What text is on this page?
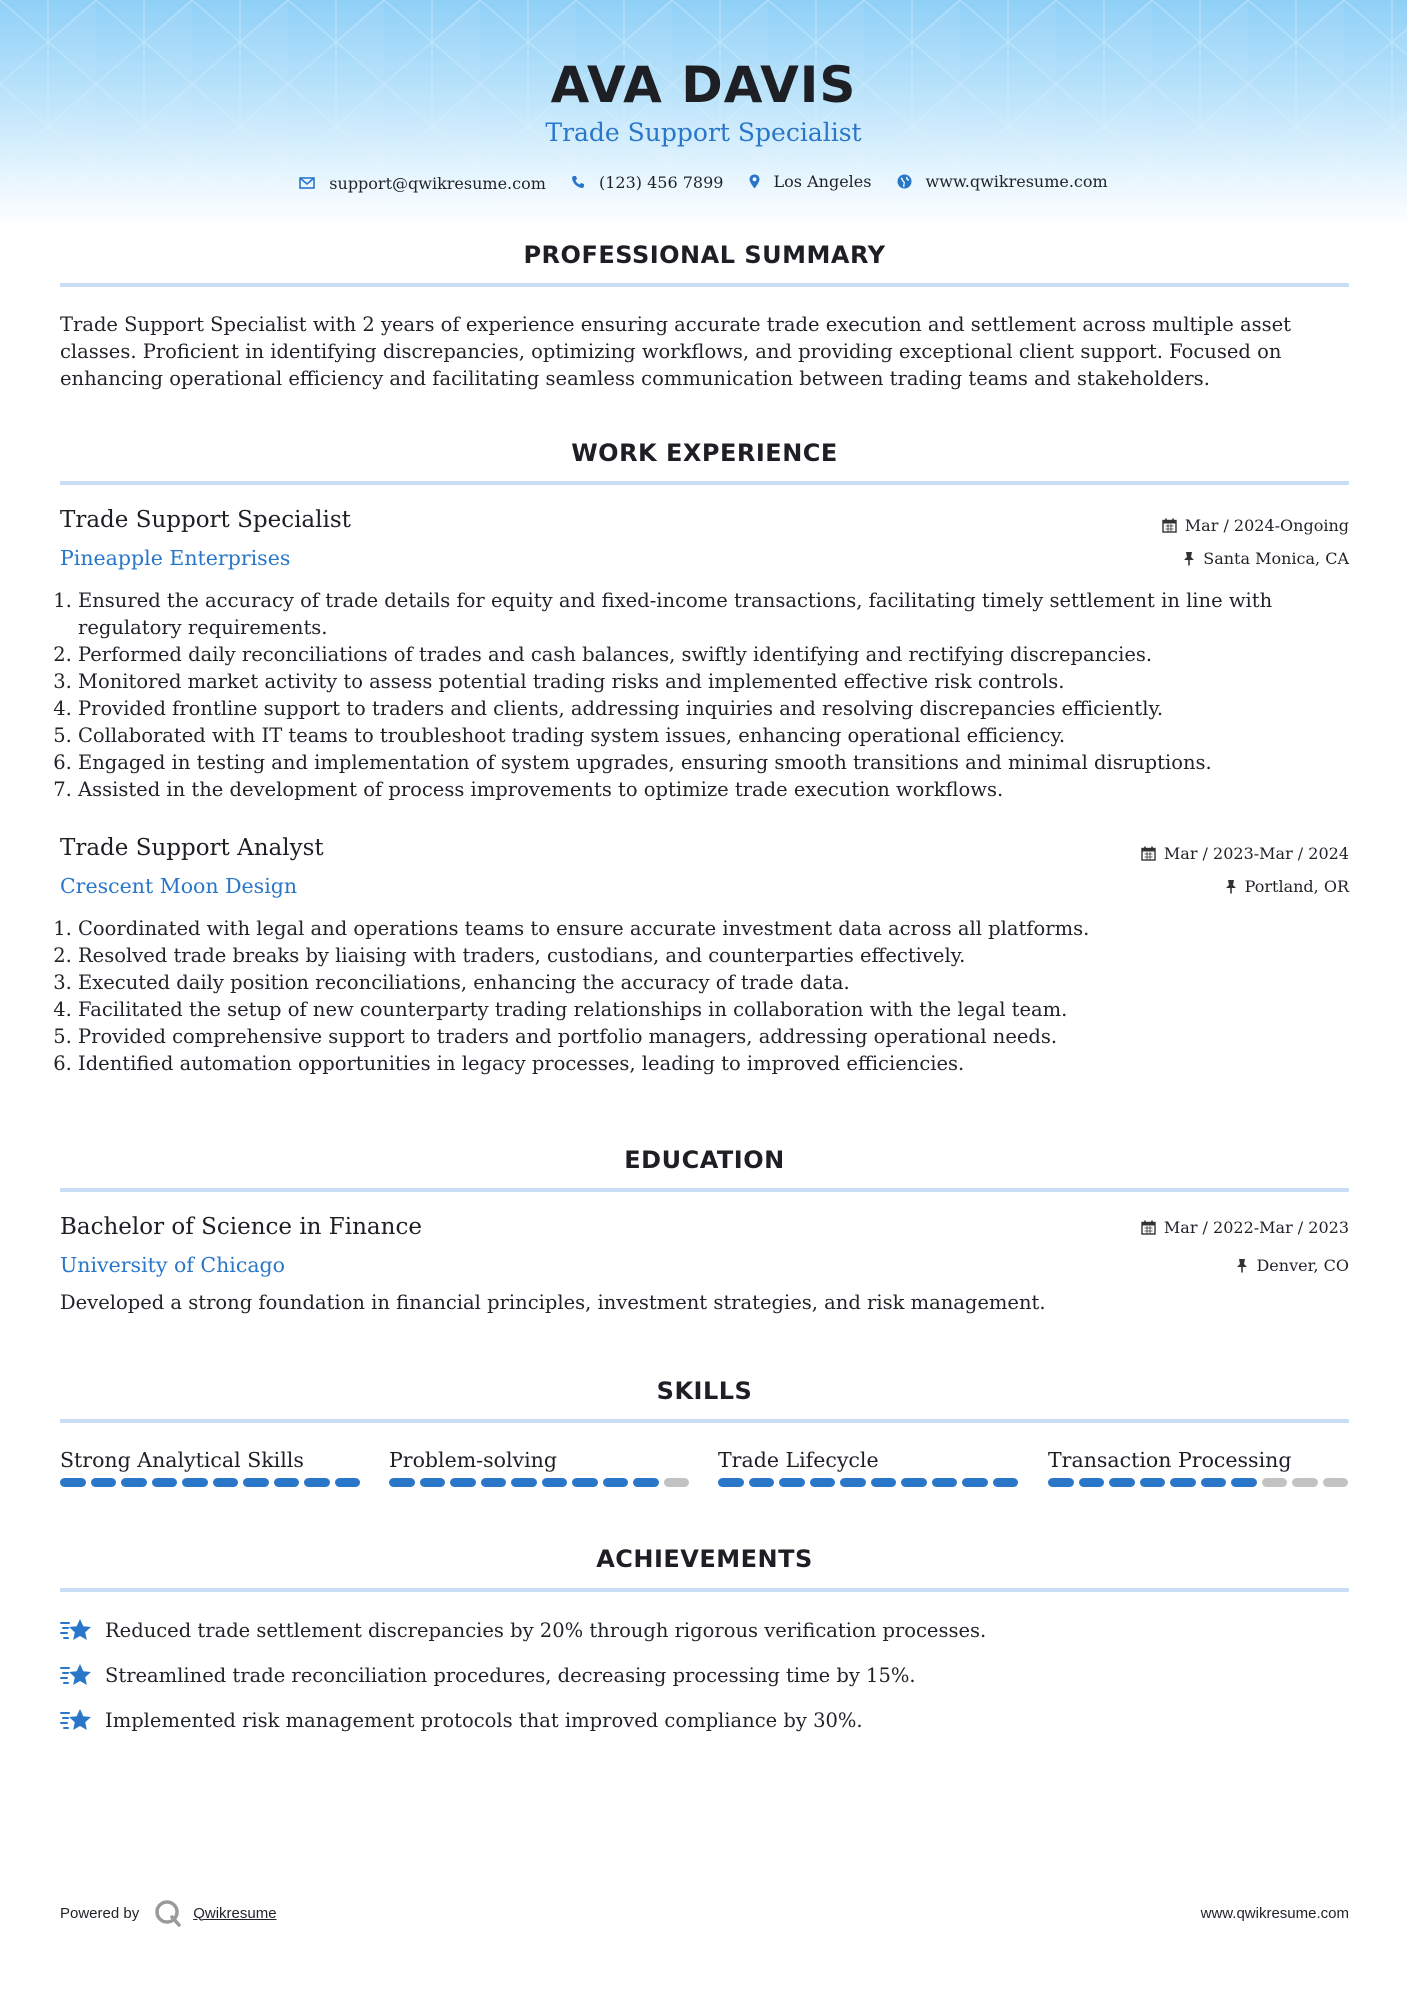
AVA DAVIS
Trade Support Specialist
support@qwikresume.com
	(123) 456 7899
	Los Angeles
	www.qwikresume.com
PROFESSIONAL SUMMARY

Trade Support Specialist with 2 years of experience ensuring accurate trade execution and settlement across multiple asset classes. Proficient in identifying discrepancies, optimizing workflows, and providing exceptional client support. Focused on enhancing operational efficiency and facilitating seamless communication between trading teams and stakeholders.

WORK EXPERIENCE
Trade Support Specialist	Mar / 2024-Ongoing
Pineapple Enterprises	Santa Monica, CA
1. Ensured the accuracy of trade details for equity and fixed-income transactions, facilitating timely settlement in line with regulatory requirements.
2. Performed daily reconciliations of trades and cash balances, swiftly identifying and rectifying discrepancies.
3. Monitored market activity to assess potential trading risks and implemented effective risk controls.
4. Provided frontline support to traders and clients, addressing inquiries and resolving discrepancies efficiently.
5. Collaborated with IT teams to troubleshoot trading system issues, enhancing operational efficiency.
6. Engaged in testing and implementation of system upgrades, ensuring smooth transitions and minimal disruptions.
7. Assisted in the development of process improvements to optimize trade execution workflows.
Trade Support Analyst	Mar / 2023-Mar / 2024
Crescent Moon Design	Portland, OR
1. Coordinated with legal and operations teams to ensure accurate investment data across all platforms.
2. Resolved trade breaks by liaising with traders, custodians, and counterparties effectively.
3. Executed daily position reconciliations, enhancing the accuracy of trade data.
4. Facilitated the setup of new counterparty trading relationships in collaboration with the legal team.
5. Provided comprehensive support to traders and portfolio managers, addressing operational needs.
6. Identified automation opportunities in legacy processes, leading to improved efficiencies.
EDUCATION
Bachelor of Science in Finance	Mar / 2022-Mar / 2023
University of Chicago	Denver, CO

Developed a strong foundation in financial principles, investment strategies, and risk management.

SKILLS
Strong Analytical Skills	Problem-solving	Trade Lifecycle	Transaction Processing
ACHIEVEMENTS
Reduced trade settlement discrepancies by 20% through rigorous verification processes.
Streamlined trade reconciliation procedures, decreasing processing time by 15%.
Implemented risk management protocols that improved compliance by 30%.
Powered by	Qwikresume	www.qwikresume.com
